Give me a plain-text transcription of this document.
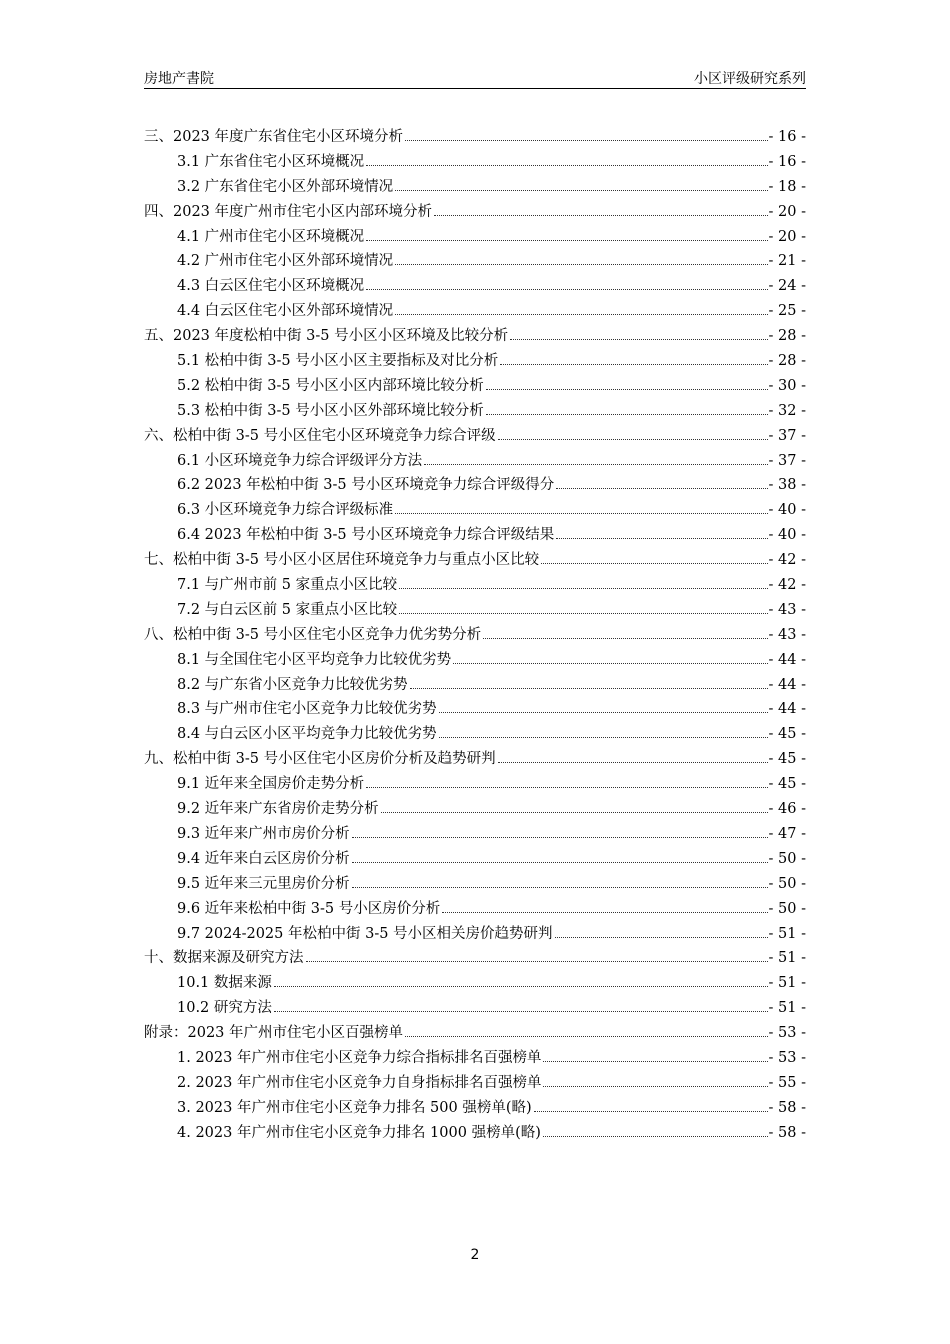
房地产書院	小区评级研究系列
三、2023 年度广东省住宅小区环境分析	- 16 -
3.1 广东省住宅小区环境概况	- 16 -
3.2 广东省住宅小区外部环境情况	- 18 -
四、2023 年度广州市住宅小区内部环境分析	- 20 -
4.1 广州市住宅小区环境概况	- 20 -
4.2 广州市住宅小区外部环境情况	- 21 -
4.3 白云区住宅小区环境概况	- 24 -
4.4 白云区住宅小区外部环境情况	- 25 -
五、2023 年度松柏中街 3-5 号小区小区环境及比较分析	- 28 -
5.1 松柏中街 3-5 号小区小区主要指标及对比分析	- 28 -
5.2 松柏中街 3-5 号小区小区内部环境比较分析	- 30 -
5.3 松柏中街 3-5 号小区小区外部环境比较分析	- 32 -
六、松柏中街 3-5 号小区住宅小区环境竞争力综合评级	- 37 -
6.1 小区环境竞争力综合评级评分方法	- 37 -
6.2 2023 年松柏中街 3-5 号小区环境竞争力综合评级得分	- 38 -
6.3 小区环境竞争力综合评级标准	- 40 -
6.4 2023 年松柏中街 3-5 号小区环境竞争力综合评级结果	- 40 -
七、松柏中街 3-5 号小区小区居住环境竞争力与重点小区比较	- 42 -
7.1 与广州市前 5 家重点小区比较	- 42 -
7.2 与白云区前 5 家重点小区比较	- 43 -
八、松柏中街 3-5 号小区住宅小区竞争力优劣势分析	- 43 -
8.1 与全国住宅小区平均竞争力比较优劣势	- 44 -
8.2 与广东省小区竞争力比较优劣势	- 44 -
8.3 与广州市住宅小区竞争力比较优劣势	- 44 -
8.4 与白云区小区平均竞争力比较优劣势	- 45 -
九、松柏中街 3-5 号小区住宅小区房价分析及趋势研判	- 45 -
9.1 近年来全国房价走势分析	- 45 -
9.2 近年来广东省房价走势分析	- 46 -
9.3 近年来广州市房价分析	- 47 -
9.4 近年来白云区房价分析	- 50 -
9.5 近年来三元里房价分析	- 50 -
9.6 近年来松柏中街 3-5 号小区房价分析	- 50 -
9.7 2024-2025 年松柏中街 3-5 号小区相关房价趋势研判	- 51 -
十、数据来源及研究方法	- 51 -
10.1 数据来源	- 51 -
10.2 研究方法	- 51 -
附录：2023 年广州市住宅小区百强榜单	- 53 -
1. 2023 年广州市住宅小区竞争力综合指标排名百强榜单	- 53 -
2. 2023 年广州市住宅小区竞争力自身指标排名百强榜单	- 55 -
3. 2023 年广州市住宅小区竞争力排名 500 强榜单(略)	- 58 -
4. 2023 年广州市住宅小区竞争力排名 1000 强榜单(略)	- 58 -
2
